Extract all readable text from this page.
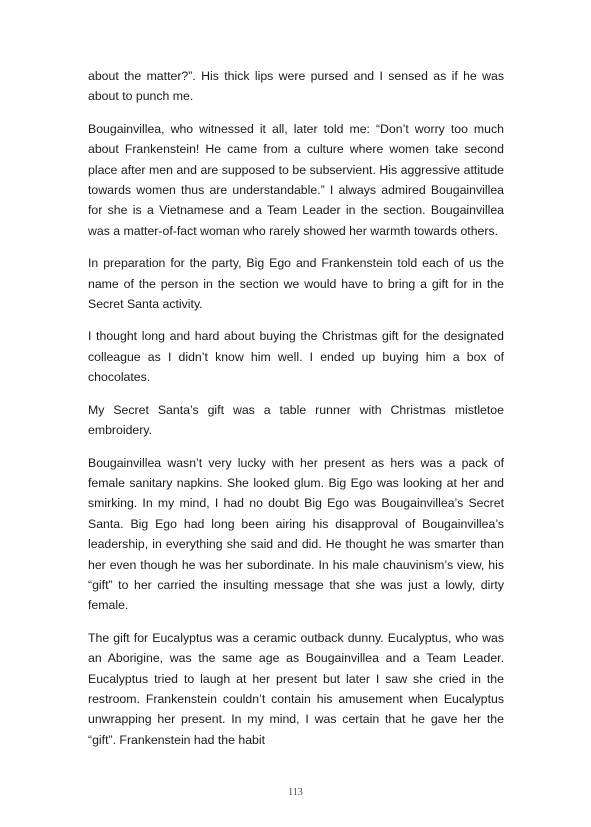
about the matter?”. His thick lips were pursed and I sensed as if he was about to punch me.

Bougainvillea, who witnessed it all, later told me: “Don’t worry too much about Frankenstein! He came from a culture where women take second place after men and are supposed to be subservient. His aggressive attitude towards women thus are understandable.” I always admired Bougainvillea for she is a Vietnamese and a Team Leader in the section. Bougainvillea was a matter-of-fact woman who rarely showed her warmth towards others.

In preparation for the party, Big Ego and Frankenstein told each of us the name of the person in the section we would have to bring a gift for in the Secret Santa activity.

I thought long and hard about buying the Christmas gift for the designated colleague as I didn’t know him well. I ended up buying him a box of chocolates.

My Secret Santa’s gift was a table runner with Christmas mistletoe embroidery.

Bougainvillea wasn’t very lucky with her present as hers was a pack of female sanitary napkins. She looked glum. Big Ego was looking at her and smirking. In my mind, I had no doubt Big Ego was Bougainvillea’s Secret Santa. Big Ego had long been airing his disapproval of Bougainvillea’s leadership, in everything she said and did. He thought he was smarter than her even though he was her subordinate. In his male chauvinism’s view, his “gift” to her carried the insulting message that she was just a lowly, dirty female.

The gift for Eucalyptus was a ceramic outback dunny. Eucalyptus, who was an Aborigine, was the same age as Bougainvillea and a Team Leader. Eucalyptus tried to laugh at her present but later I saw she cried in the restroom. Frankenstein couldn’t contain his amusement when Eucalyptus unwrapping her present. In my mind, I was certain that he gave her the “gift”. Frankenstein had the habit

113
